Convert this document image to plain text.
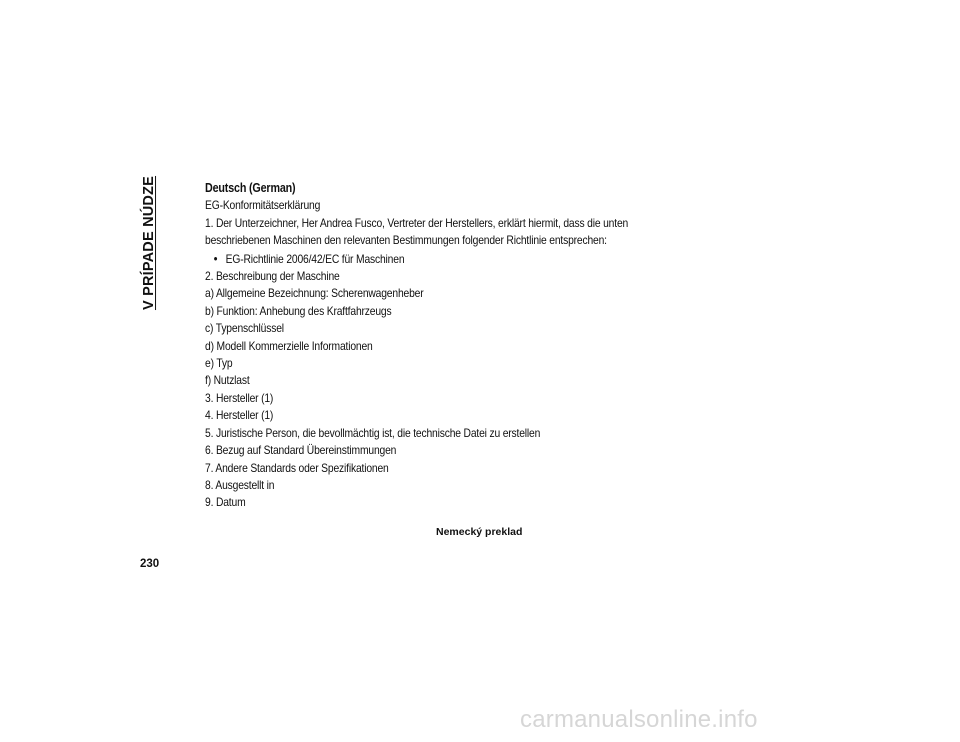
V PRÍPADE NÚDZE	Deutsch (German)
EG-Konformitätserklärung
1. Der Unterzeichner, Her Andrea Fusco, Vertreter der Herstellers, erklärt hiermit, dass die unten
beschriebenen Maschinen den relevanten Bestimmungen folgender Richtlinie entsprechen:
• EG-Richtlinie 2006/42/EC für Maschinen
2. Beschreibung der Maschine
a) Allgemeine Bezeichnung: Scherenwagenheber
b) Funktion: Anhebung des Kraftfahrzeugs
c) Typenschlüssel
d) Modell Kommerzielle Informationen
e) Typ
f) Nutzlast
3. Hersteller (1)
4. Hersteller (1)
5. Juristische Person, die bevollmächtig ist, die technische Datei zu erstellen
6. Bezug auf Standard Übereinstimmungen
7. Andere Standards oder Spezifikationen
8. Ausgestellt in
9. Datum
Nemecký preklad
230
carmanualsonline.info
